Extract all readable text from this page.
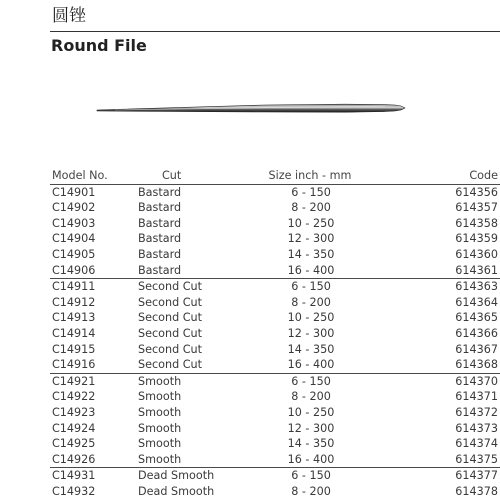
圆锉
Round File
Model No.	Cut	Size inch - mm	Code
C14901	Bastard	6 - 150	614356
C14902	Bastard	8 - 200	614357
C14903	Bastard	10 - 250	614358
C14904	Bastard	12 - 300	614359
C14905	Bastard	14 - 350	614360
C14906	Bastard	16 - 400	614361
C14911	Second Cut	6 - 150	614363
C14912	Second Cut	8 - 200	614364
C14913	Second Cut	10 - 250	614365
C14914	Second Cut	12 - 300	614366
C14915	Second Cut	14 - 350	614367
C14916	Second Cut	16 - 400	614368
C14921	Smooth	6 - 150	614370
C14922	Smooth	8 - 200	614371
C14923	Smooth	10 - 250	614372
C14924	Smooth	12 - 300	614373
C14925	Smooth	14 - 350	614374
C14926	Smooth	16 - 400	614375
C14931	Dead Smooth	6 - 150	614377
C14932	Dead Smooth	8 - 200	614378
